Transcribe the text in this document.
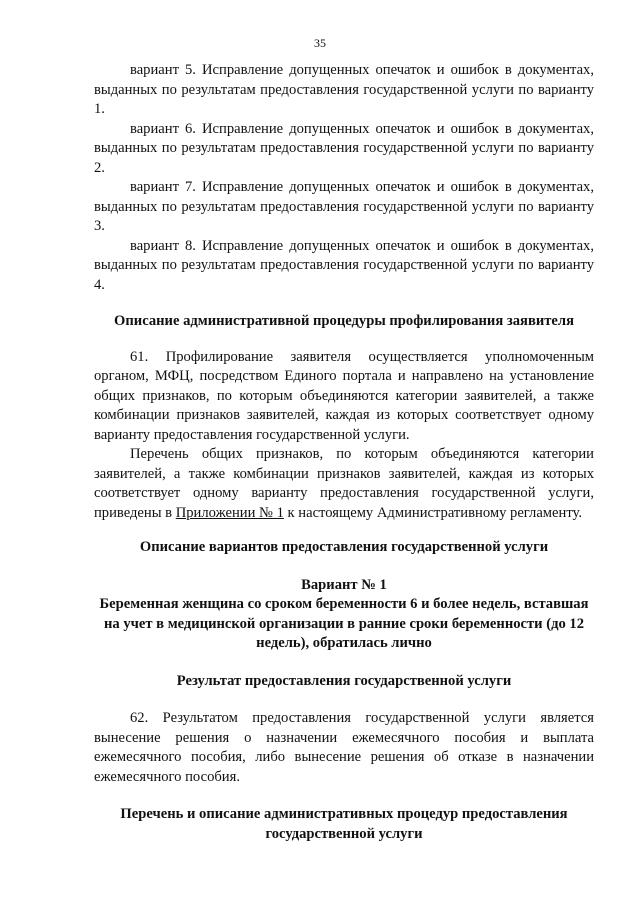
35

вариант 5. Исправление допущенных опечаток и ошибок в документах, выданных по результатам предоставления государственной услуги по варианту 1.

вариант 6. Исправление допущенных опечаток и ошибок в документах, выданных по результатам предоставления государственной услуги по варианту 2.

вариант 7. Исправление допущенных опечаток и ошибок в документах, выданных по результатам предоставления государственной услуги по варианту 3.

вариант 8. Исправление допущенных опечаток и ошибок в документах, выданных по результатам предоставления государственной услуги по варианту 4.

Описание административной процедуры профилирования заявителя

61. Профилирование заявителя осуществляется уполномоченным органом, МФЦ, посредством Единого портала и направлено на установление общих признаков, по которым объединяются категории заявителей, а также комбинации признаков заявителей, каждая из которых соответствует одному варианту предоставления государственной услуги.

Перечень общих признаков, по которым объединяются категории заявителей, а также комбинации признаков заявителей, каждая из которых соответствует одному варианту предоставления государственной услуги, приведены в Приложении № 1 к настоящему Административному регламенту.

Описание вариантов предоставления государственной услуги

Вариант № 1

Беременная женщина со сроком беременности 6 и более недель, вставшая на учет в медицинской организации в ранние сроки беременности (до 12 недель), обратилась лично

Результат предоставления государственной услуги

62. Результатом предоставления государственной услуги является вынесение решения о назначении ежемесячного пособия и выплата ежемесячного пособия, либо вынесение решения об отказе в назначении ежемесячного пособия.

Перечень и описание административных процедур предоставления государственной услуги
